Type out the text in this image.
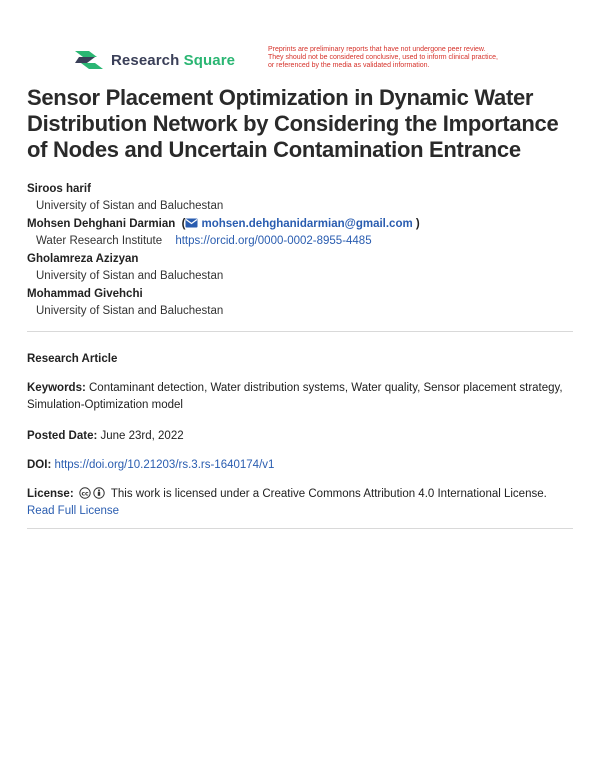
Research Square
Preprints are preliminary reports that have not undergone peer review.
They should not be considered conclusive, used to inform clinical practice,
or referenced by the media as validated information.
Sensor Placement Optimization in Dynamic Water
Distribution Network by Considering the Importance
of Nodes and Uncertain Contamination Entrance
Siroos harif
University of Sistan and Baluchestan
Mohsen Dehghani Darmian  ( mohsen.dehghanidarmian@gmail.com )
Water Research Institute https://orcid.org/0000-0002-8955-4485
Gholamreza Azizyan
University of Sistan and Baluchestan
Mohammad Givehchi
University of Sistan and Baluchestan
Research Article
Keywords: Contaminant detection, Water distribution systems, Water quality, Sensor placement strategy,
Simulation-Optimization model
Posted Date: June 23rd, 2022
DOI: https://doi.org/10.21203/rs.3.rs-1640174/v1
License: cc This work is licensed under a Creative Commons Attribution 4.0 International License.
Read Full License
